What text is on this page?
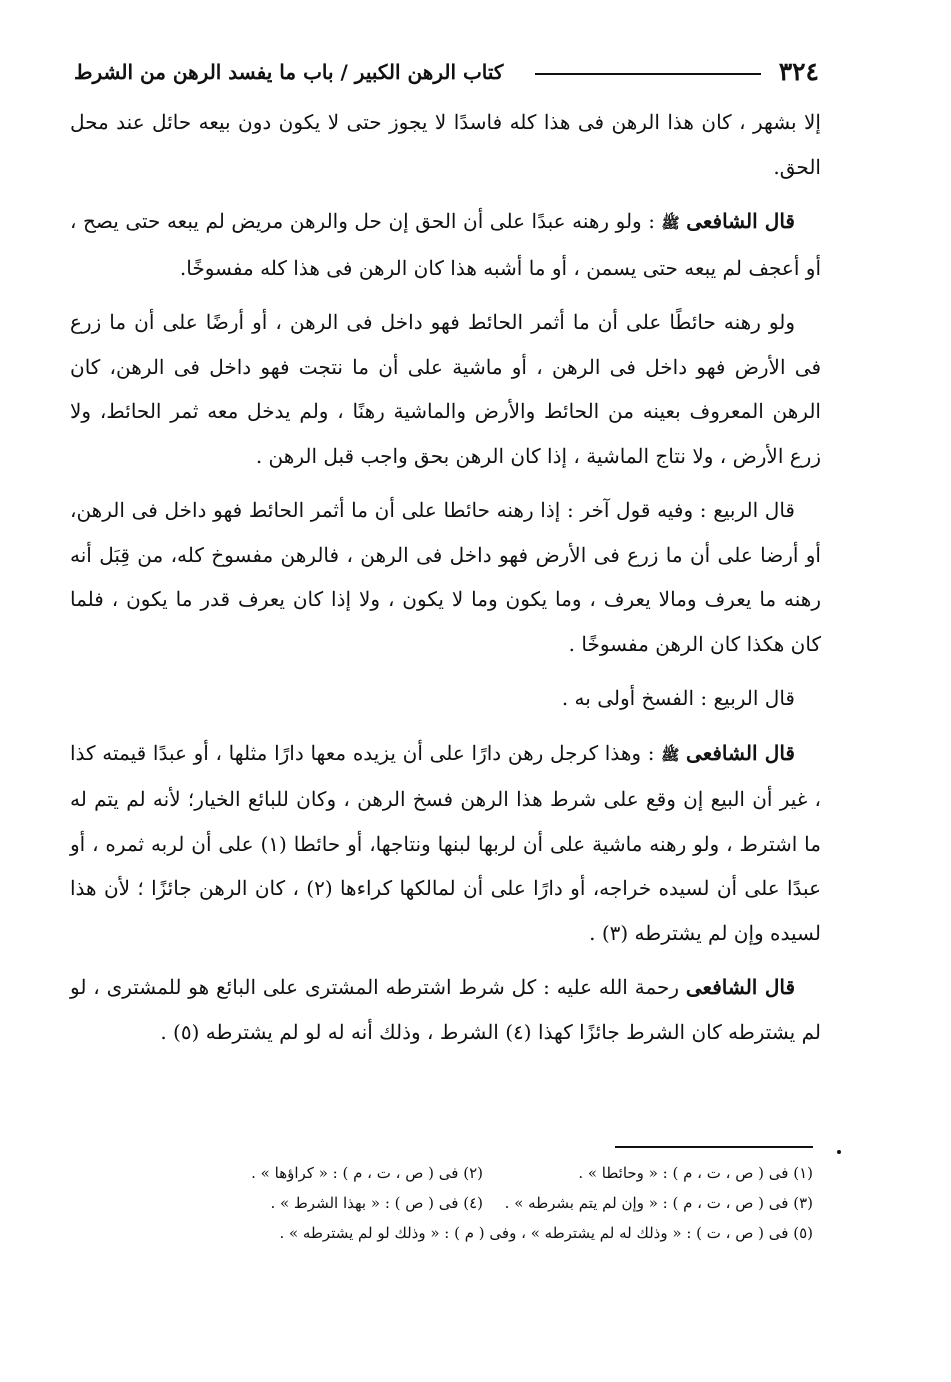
٣٢٤
كتاب الرهن الكبير / باب ما يفسد الرهن من الشرط

إلا بشهر ، كان هذا الرهن فى هذا كله فاسدًا لا يجوز حتى لا يكون دون بيعه حائل عند محل الحق.

قال الشافعى ﷺ : ولو رهنه عبدًا على أن الحق إن حل والرهن مريض لم يبعه حتى يصح ، أو أعجف لم يبعه حتى يسمن ، أو ما أشبه هذا كان الرهن فى هذا كله مفسوخًا.

ولو رهنه حائطًا على أن ما أثمر الحائط فهو داخل فى الرهن ، أو أرضًا على أن ما زرع فى الأرض فهو داخل فى الرهن ، أو ماشية على أن ما نتجت فهو داخل فى الرهن، كان الرهن المعروف بعينه من الحائط والأرض والماشية رهنًا ، ولم يدخل معه ثمر الحائط، ولا زرع الأرض ، ولا نتاج الماشية ، إذا كان الرهن بحق واجب قبل الرهن .

قال الربيع : وفيه قول آخر : إذا رهنه حائطا على أن ما أثمر الحائط فهو داخل فى الرهن، أو أرضا على أن ما زرع فى الأرض فهو داخل فى الرهن ، فالرهن مفسوخ كله، من قِبَل أنه رهنه ما يعرف ومالا يعرف ، وما يكون وما لا يكون ، ولا إذا كان يعرف قدر ما يكون ، فلما كان هكذا كان الرهن مفسوخًا .

قال الربيع : الفسخ أولى به .

قال الشافعى ﷺ : وهذا كرجل رهن دارًا على أن يزيده معها دارًا مثلها ، أو عبدًا قيمته كذا ، غير أن البيع إن وقع على شرط هذا الرهن فسخ الرهن ، وكان للبائع الخيار؛ لأنه لم يتم له ما اشترط ، ولو رهنه ماشية على أن لربها لبنها ونتاجها، أو حائطا (١) على أن لربه ثمره ، أو عبدًا على أن لسيده خراجه، أو دارًا على أن لمالكها كراءها (٢) ، كان الرهن جائزًا ؛ لأن هذا لسيده وإن لم يشترطه (٣) .

قال الشافعى رحمة الله عليه : كل شرط اشترطه المشترى على البائع هو للمشترى ، لو لم يشترطه كان الشرط جائزًا كهذا (٤) الشرط ، وذلك أنه له لو لم يشترطه (٥) .

(١) فى ( ص ، ت ، م ) : « وحائطا » .
(٢) فى ( ص ، ت ، م ) : « كراؤها » .
(٣) فى ( ص ، ت ، م ) : « وإن لم يتم بشرطه » .
(٤) فى ( ص ) : « بهذا الشرط » .
(٥) فى ( ص ، ت ) : « وذلك له لم يشترطه » ، وفى ( م ) : « وذلك لو لم يشترطه » .
